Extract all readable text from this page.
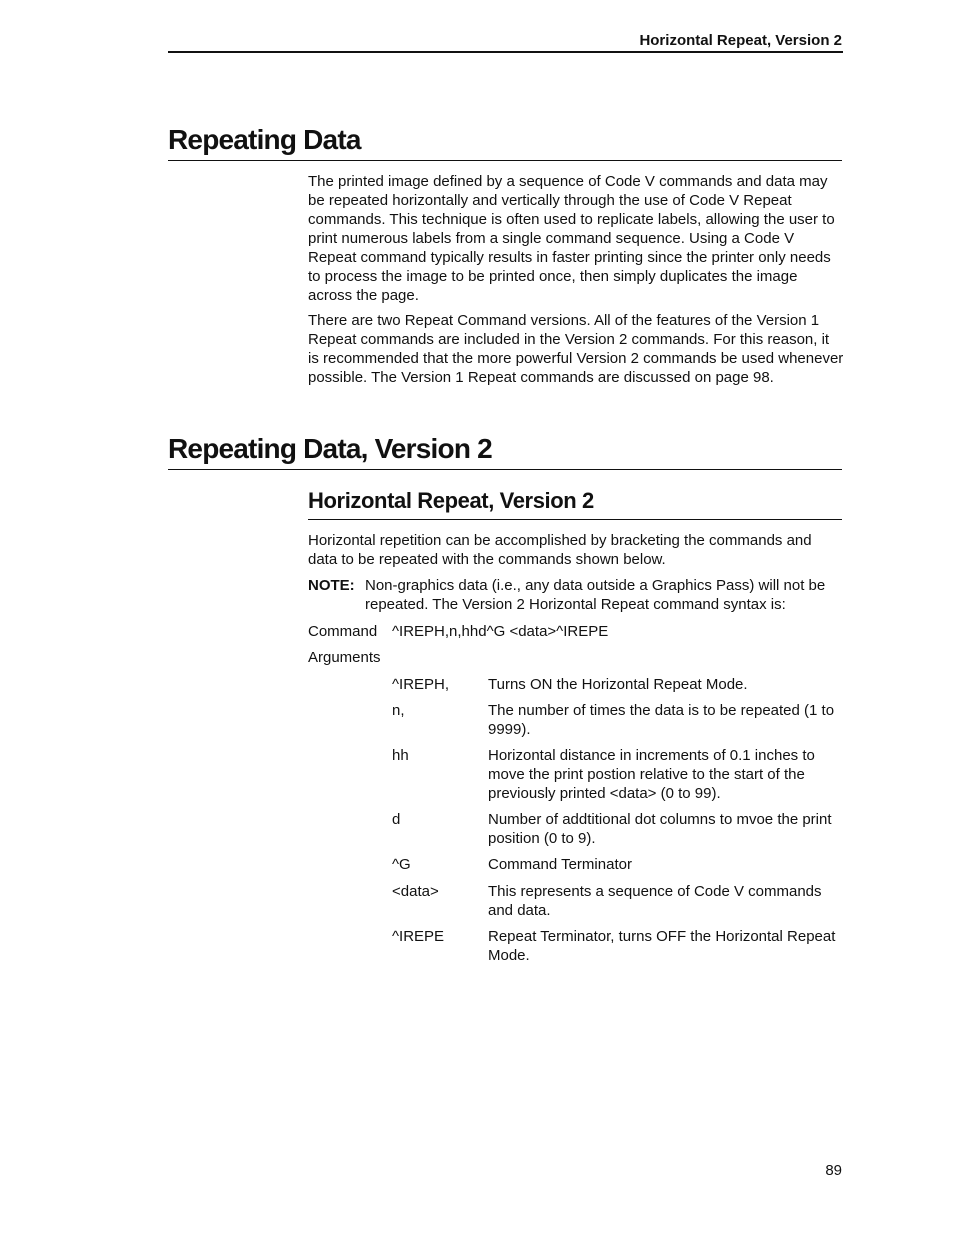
Horizontal Repeat, Version 2
Repeating Data

The printed image defined by a sequence of Code V commands and data may be repeated horizontally and vertically through the use of Code V Repeat commands. This technique is often used to replicate labels, allowing the user to print numerous labels from a single command sequence. Using a Code V Repeat command typically results in faster printing since the printer only needs to process the image to be printed once, then simply duplicates the image across the page.

There are two Repeat Command versions. All of the features of the Version 1 Repeat commands are included in the Version 2 commands. For this reason, it is recommended that the more powerful Version 2 commands be used whenever possible. The Version 1 Repeat commands are discussed on page 98.

Repeating Data, Version 2
Horizontal Repeat, Version 2

Horizontal repetition can be accomplished by bracketing the commands and data to be repeated with the commands shown below.

NOTE: Non-graphics data (i.e., any data outside a Graphics Pass) will not be repeated. The Version 2 Horizontal Repeat command syntax is:
Command ^IREPH,n,hhd^G <data>^IREPE
Arguments
^IREPH,	Turns ON the Horizontal Repeat Mode.
n,	The number of times the data is to be repeated (1 to 9999).
hh	Horizontal distance in increments of 0.1 inches to move the print postion relative to the start of the previously printed <data> (0 to 99).
d	Number of addtitional dot columns to mvoe the print position (0 to 9).
^G	Command Terminator
<data>	This represents a sequence of Code V commands and data.
^IREPE	Repeat Terminator, turns OFF the Horizontal Repeat Mode.
89
